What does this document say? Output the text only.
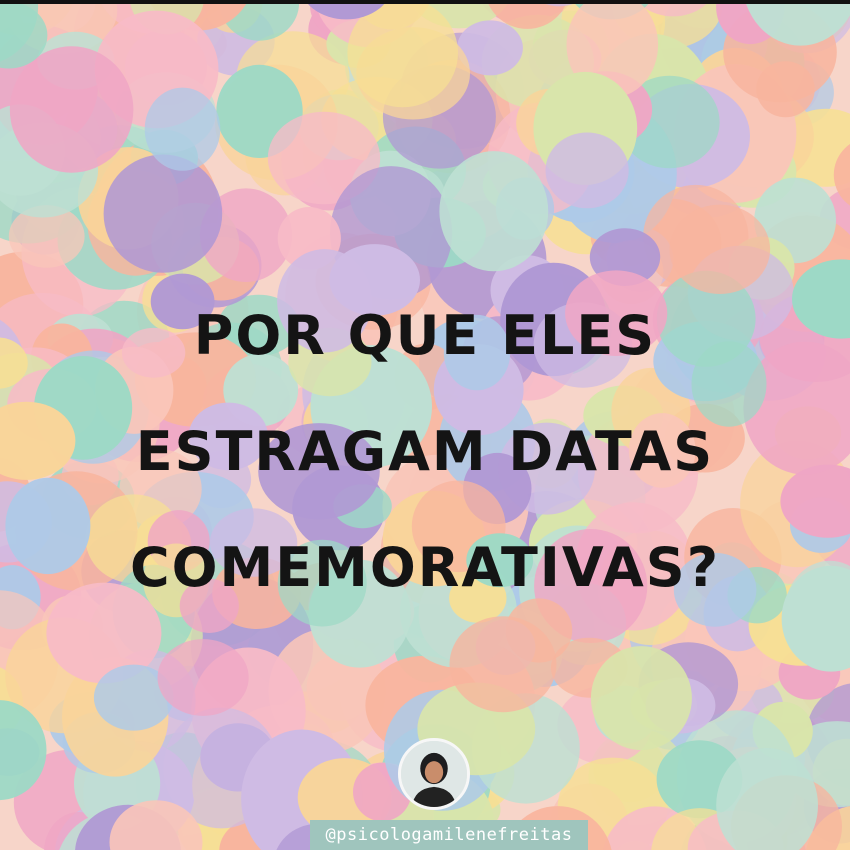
POR QUE ELES
ESTRAGAM DATAS
COMEMORATIVAS?
@psicologamilenefreitas
